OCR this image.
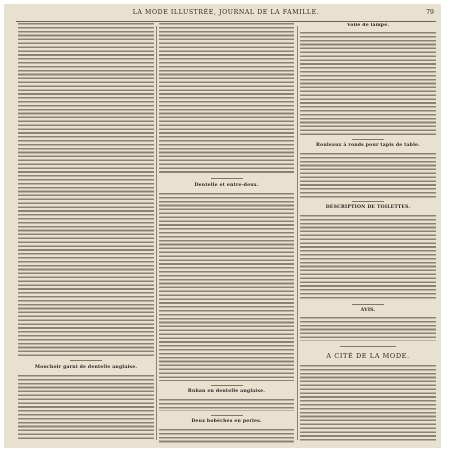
LA MODE ILLUSTRÉE, JOURNAL DE LA FAMILLE.	79
Mouchoir garni de dentelle anglaise.
Dentelle et entre-deux.
Ruban en dentelle anglaise.
Deux bobéches en perles.
Voile de lampe.
Rouleaux à ronds pour tapis de table.
DESCRIPTION DE TOILETTES.
AVIS.
A CITÉ DE LA MODE.
